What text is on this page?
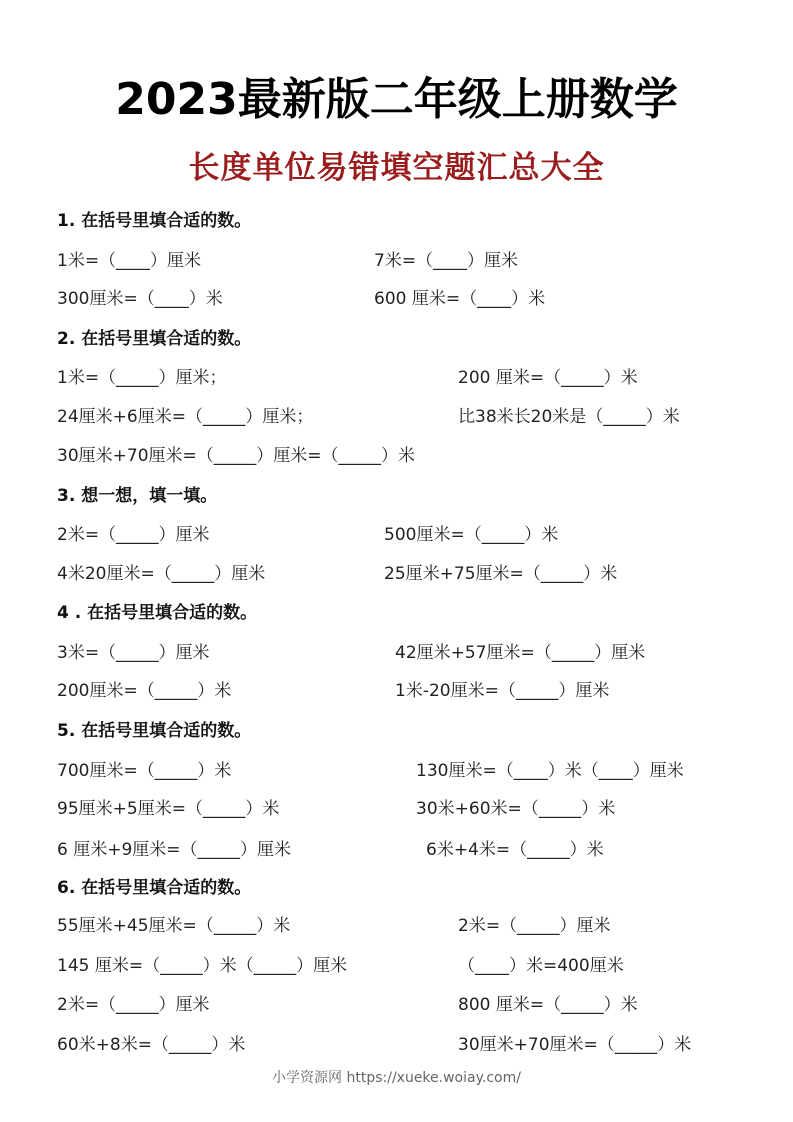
2023最新版二年级上册数学
长度单位易错填空题汇总大全
1. 在括号里填合适的数。
1米=（____）厘米	7米=（____）厘米
300厘米=（____）米	600 厘米=（____）米
2. 在括号里填合适的数。
1米=（_____）厘米；	200 厘米=（_____）米
24厘米+6厘米=（_____）厘米；	比38米长20米是（_____）米
30厘米+70厘米=（_____）厘米=（_____）米
3. 想一想，填一填。
2米=（_____）厘米	500厘米=（_____）米
4米20厘米=（_____）厘米	25厘米+75厘米=（_____）米
4 . 在括号里填合适的数。
3米=（_____）厘米	42厘米+57厘米=（_____）厘米
200厘米=（_____）米	1米-20厘米=（_____）厘米
5. 在括号里填合适的数。
700厘米=（_____）米	130厘米=（____）米（____）厘米
95厘米+5厘米=（_____）米	30米+60米=（_____）米
6 厘米+9厘米=（_____）厘米	6米+4米=（_____）米
6. 在括号里填合适的数。
55厘米+45厘米=（_____）米	2米=（_____）厘米
145 厘米=（_____）米（_____）厘米	（____）米=400厘米
2米=（_____）厘米	800 厘米=（_____）米
60米+8米=（_____）米	30厘米+70厘米=（_____）米
小学资源网 https://xueke.woiay.com/
